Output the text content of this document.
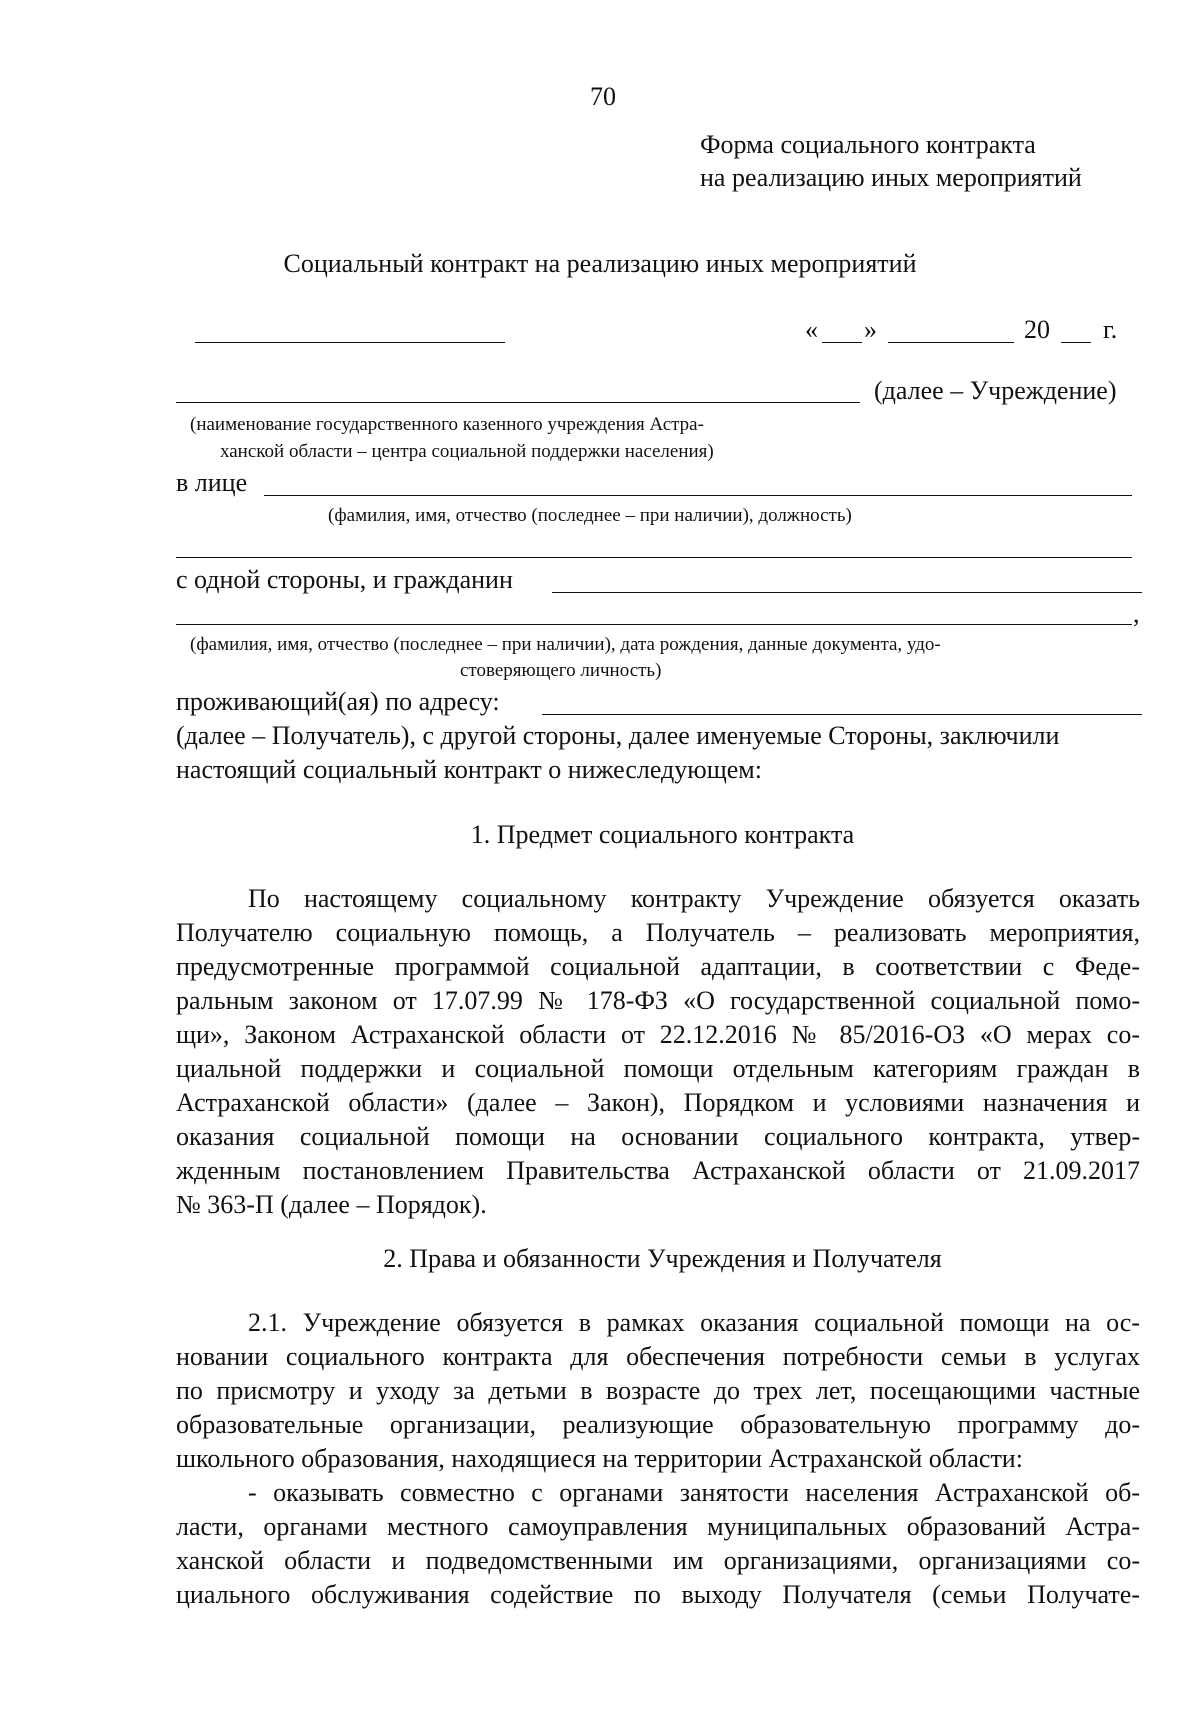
70
Форма социального контракта
на реализацию иных мероприятий
Социальный контракт на реализацию иных мероприятий
« »	20 г.
(далее – Учреждение)
(наименование государственного казенного учреждения Астра-
ханской области – центра социальной поддержки населения)
в лице
(фамилия, имя, отчество (последнее – при наличии), должность)
с одной стороны, и гражданин
,
(фамилия, имя, отчество (последнее – при наличии), дата рождения, данные документа, удо-
стоверяющего личность)
проживающий(ая) по адресу:
(далее – Получатель), с другой стороны, далее именуемые Стороны, заключили
настоящий социальный контракт о нижеследующем:
1. Предмет социального контракта
По настоящему социальному контракту Учреждение обязуется оказать
Получателю социальную помощь, а Получатель – реализовать мероприятия,
предусмотренные программой социальной адаптации, в соответствии с Феде-
ральным законом от 17.07.99 № 178-ФЗ «О государственной социальной помо-
щи», Законом Астраханской области от 22.12.2016 № 85/2016-ОЗ «О мерах со-
циальной поддержки и социальной помощи отдельным категориям граждан в
Астраханской области» (далее – Закон), Порядком и условиями назначения и
оказания социальной помощи на основании социального контракта, утвер-
жденным постановлением Правительства Астраханской области от 21.09.2017
№ 363-П (далее – Порядок).
2. Права и обязанности Учреждения и Получателя
2.1. Учреждение обязуется в рамках оказания социальной помощи на ос-
новании социального контракта для обеспечения потребности семьи в услугах
по присмотру и уходу за детьми в возрасте до трех лет, посещающими частные
образовательные организации, реализующие образовательную программу до-
школьного образования, находящиеся на территории Астраханской области:
- оказывать совместно с органами занятости населения Астраханской об-
ласти, органами местного самоуправления муниципальных образований Астра-
ханской области и подведомственными им организациями, организациями со-
циального обслуживания содействие по выходу Получателя (семьи Получате-
